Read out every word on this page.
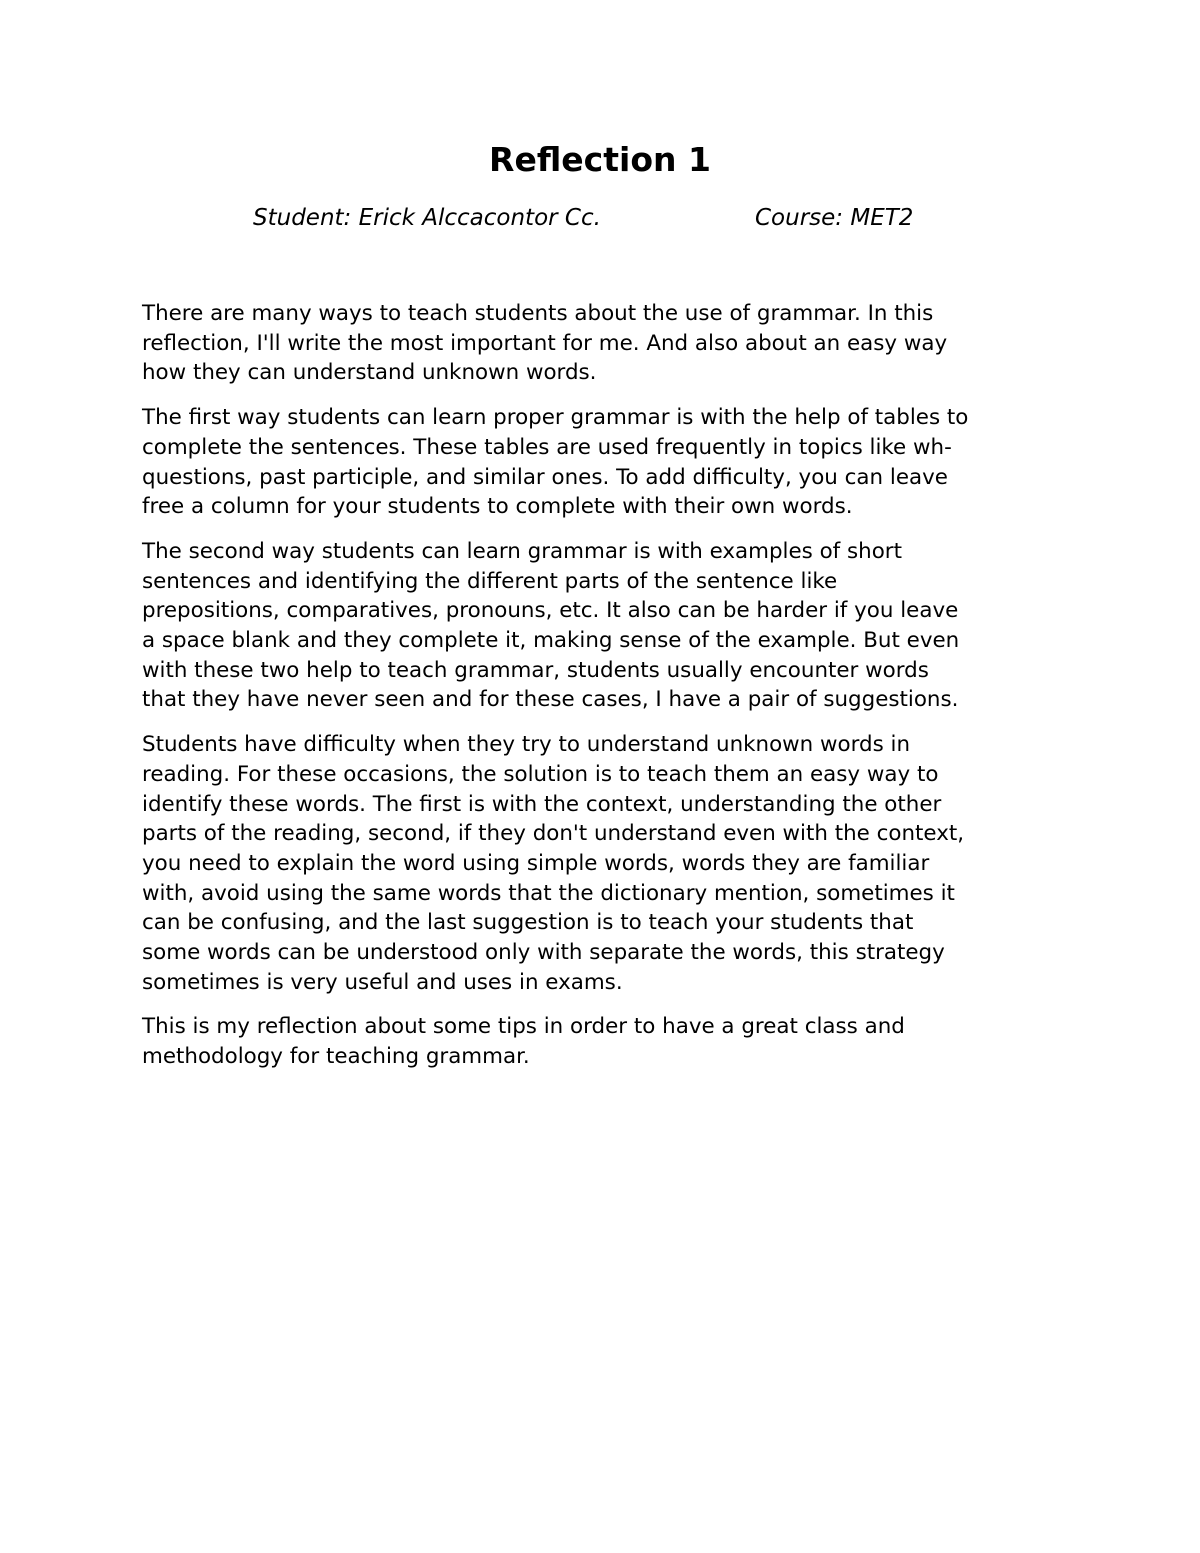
Reflection 1
Student: Erick Alccacontor Cc.	Course: MET2

There are many ways to teach students about the use of grammar. In this
reflection, I'll write the most important for me. And also about an easy way
how they can understand unknown words.

The first way students can learn proper grammar is with the help of tables to
complete the sentences. These tables are used frequently in topics like wh-
questions, past participle, and similar ones. To add difficulty, you can leave
free a column for your students to complete with their own words.

The second way students can learn grammar is with examples of short
sentences and identifying the different parts of the sentence like
prepositions, comparatives, pronouns, etc. It also can be harder if you leave
a space blank and they complete it, making sense of the example. But even
with these two help to teach grammar, students usually encounter words
that they have never seen and for these cases, I have a pair of suggestions.

Students have difficulty when they try to understand unknown words in
reading. For these occasions, the solution is to teach them an easy way to
identify these words. The first is with the context, understanding the other
parts of the reading, second, if they don't understand even with the context,
you need to explain the word using simple words, words they are familiar
with, avoid using the same words that the dictionary mention, sometimes it
can be confusing, and the last suggestion is to teach your students that
some words can be understood only with separate the words, this strategy
sometimes is very useful and uses in exams.

This is my reflection about some tips in order to have a great class and
methodology for teaching grammar.
